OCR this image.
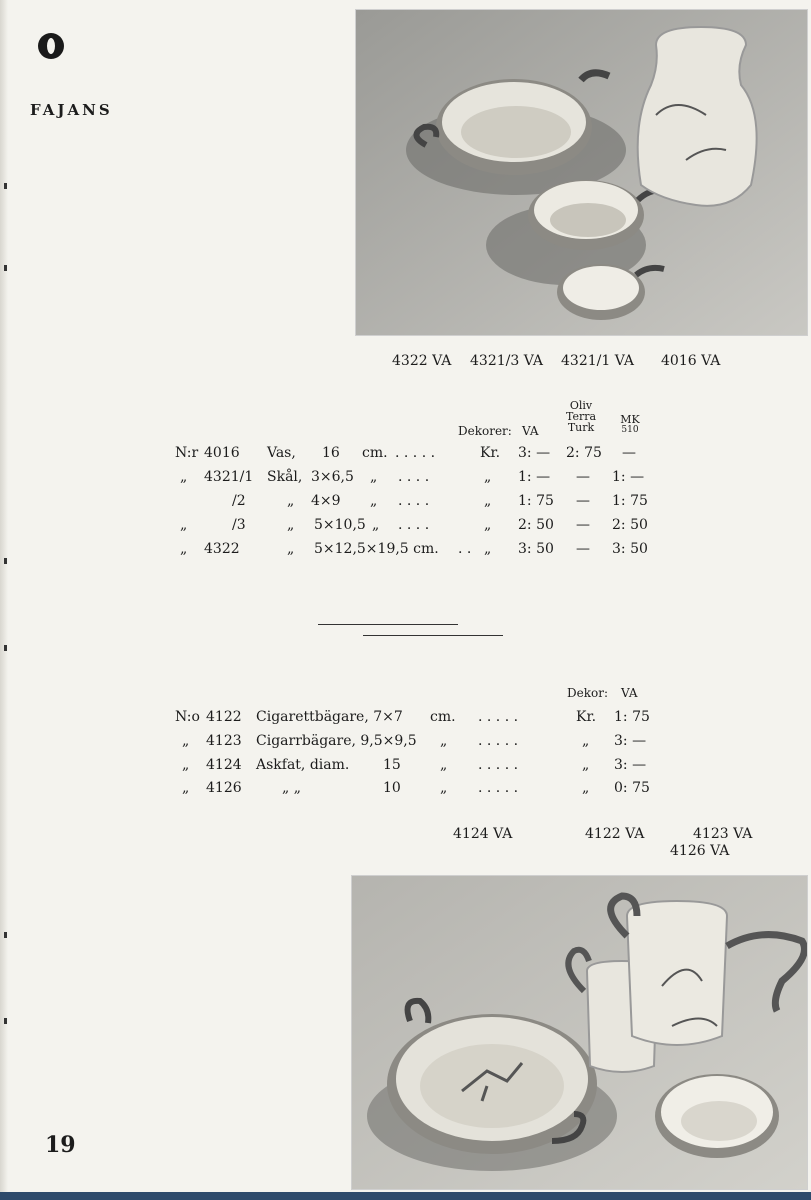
FAJANS
4322 VA 4321/3 VA 4321/1 VA 4016 VA
Dekorer: VA
Oliv
Terra
Turk
MK
510
N:r 4016 Vas, 16 cm. . . . . .	Kr. 3: — 2: 75 —
„ 4321/1 Skål, 3×6,5 „ . . . .	„ 1: — — 1: —
/2	„ 4×9 „ . . . .	„ 1: 75 — 1: 75
„	/3	„ 5×10,5 „ . . . .	„ 2: 50 — 2: 50
„ 4322	„ 5×12,5×19,5 cm. . . „ 3: 50 — 3: 50
Dekor: VA
N:o 4122 Cigarettbägare, 7×7 cm. . . . . .	Kr. 1: 75
„ 4123 Cigarrbägare, 9,5×9,5 „ . . . . .	„ 3: —
„ 4124 Askfat, diam. 15	„ . . . . .	„ 3: —
„ 4126	„ „	10	„ . . . . .	„ 0: 75
4124 VA	4122 VA	4123 VA
4126 VA
19
